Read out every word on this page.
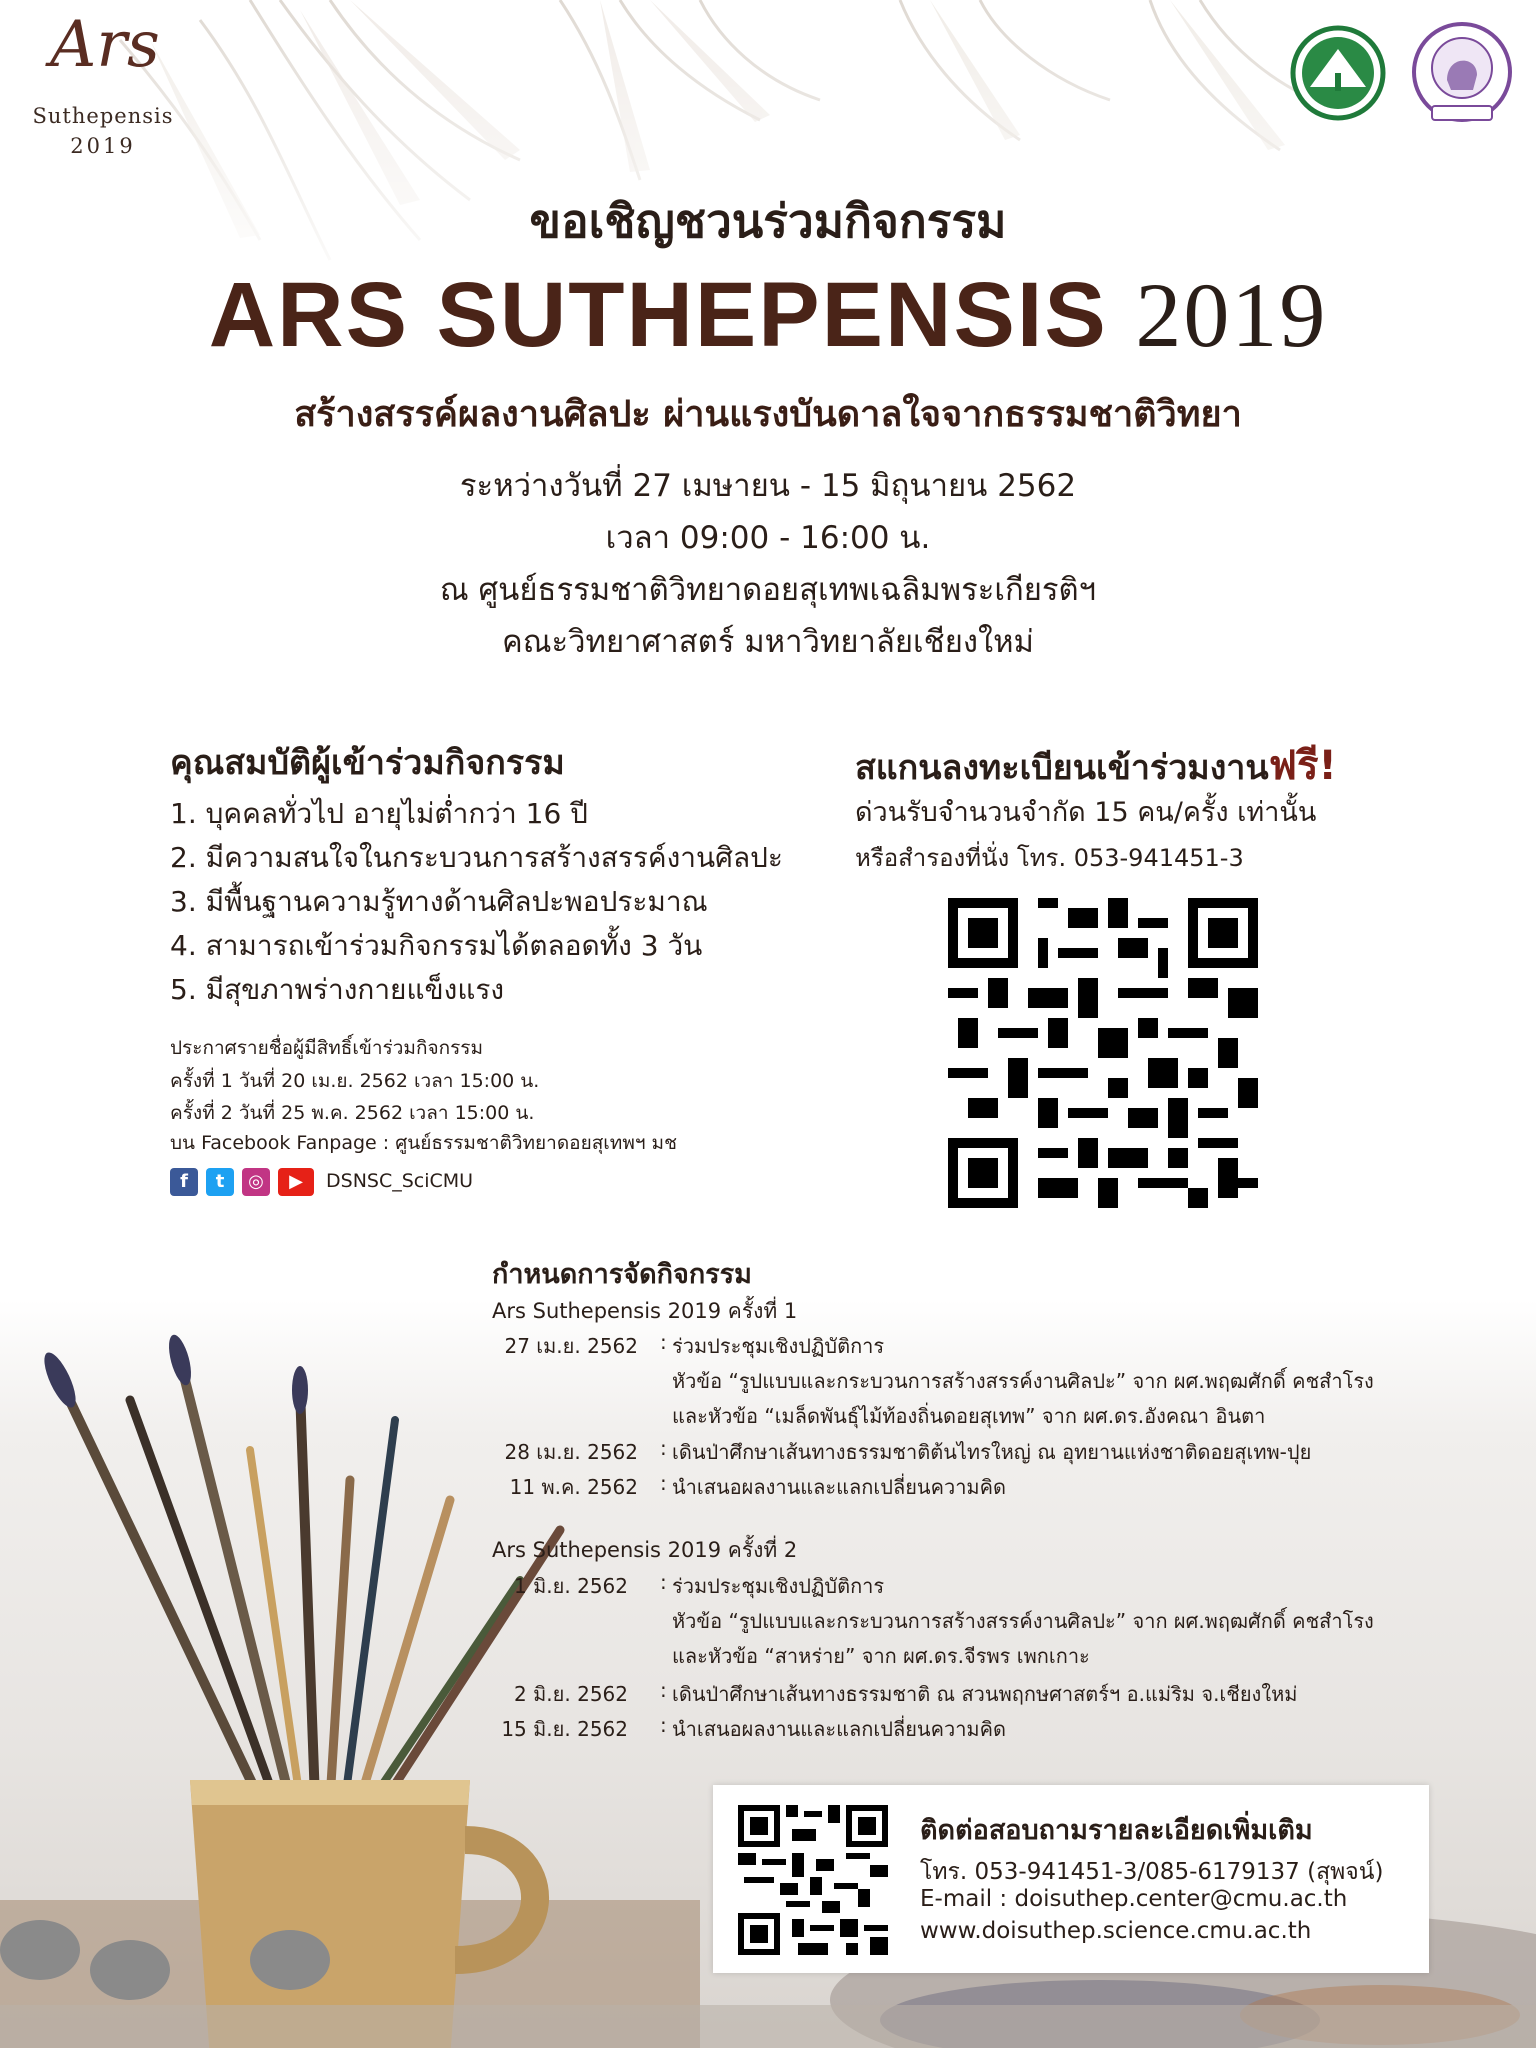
Ars
Suthepensis
2019
ขอเชิญชวนร่วมกิจกรรม
ARS SUTHEPENSIS 2019
สร้างสรรค์ผลงานศิลปะ ผ่านแรงบันดาลใจจากธรรมชาติวิทยา
ระหว่างวันที่ 27 เมษายน - 15 มิถุนายน 2562
เวลา 09:00 - 16:00 น.
ณ ศูนย์ธรรมชาติวิทยาดอยสุเทพเฉลิมพระเกียรติฯ
คณะวิทยาศาสตร์ มหาวิทยาลัยเชียงใหม่
คุณสมบัติผู้เข้าร่วมกิจกรรม
1. บุคคลทั่วไป อายุไม่ต่ำกว่า 16 ปี
2. มีความสนใจในกระบวนการสร้างสรรค์งานศิลปะ
3. มีพื้นฐานความรู้ทางด้านศิลปะพอประมาณ
4. สามารถเข้าร่วมกิจกรรมได้ตลอดทั้ง 3 วัน
5. มีสุขภาพร่างกายแข็งแรง
ประกาศรายชื่อผู้มีสิทธิ์เข้าร่วมกิจกรรม
ครั้งที่ 1 วันที่ 20 เม.ย. 2562 เวลา 15:00 น.
ครั้งที่ 2 วันที่ 25 พ.ค. 2562 เวลา 15:00 น.
บน Facebook Fanpage : ศูนย์ธรรมชาติวิทยาดอยสุเทพฯ มช
f	t	◎	▶	DSNSC_SciCMU
สแกนลงทะเบียนเข้าร่วมงานฟรี!
ด่วนรับจำนวนจำกัด 15 คน/ครั้ง เท่านั้น
หรือสำรองที่นั่ง โทร. 053-941451-3
กำหนดการจัดกิจกรรม
Ars Suthepensis 2019 ครั้งที่ 1
27 เม.ย. 2562 : ร่วมประชุมเชิงปฏิบัติการ
หัวข้อ “รูปแบบและกระบวนการสร้างสรรค์งานศิลปะ” จาก ผศ.พฤฒศักดิ์ คชสำโรง
และหัวข้อ “เมล็ดพันธุ์ไม้ท้องถิ่นดอยสุเทพ” จาก ผศ.ดร.อังคณา อินตา
28 เม.ย. 2562 : เดินป่าศึกษาเส้นทางธรรมชาติต้นไทรใหญ่ ณ อุทยานแห่งชาติดอยสุเทพ-ปุย
11 พ.ค. 2562 : นำเสนอผลงานและแลกเปลี่ยนความคิด
Ars Suthepensis 2019 ครั้งที่ 2
1 มิ.ย. 2562 : ร่วมประชุมเชิงปฏิบัติการ
หัวข้อ “รูปแบบและกระบวนการสร้างสรรค์งานศิลปะ” จาก ผศ.พฤฒศักดิ์ คชสำโรง
และหัวข้อ “สาหร่าย” จาก ผศ.ดร.จีรพร เพกเกาะ
2 มิ.ย. 2562 : เดินป่าศึกษาเส้นทางธรรมชาติ ณ สวนพฤกษศาสตร์ฯ อ.แม่ริม จ.เชียงใหม่
15 มิ.ย. 2562 : นำเสนอผลงานและแลกเปลี่ยนความคิด
ติดต่อสอบถามรายละเอียดเพิ่มเติม
โทร. 053-941451-3/085-6179137 (สุพจน์)
E-mail : doisuthep.center@cmu.ac.th
www.doisuthep.science.cmu.ac.th
